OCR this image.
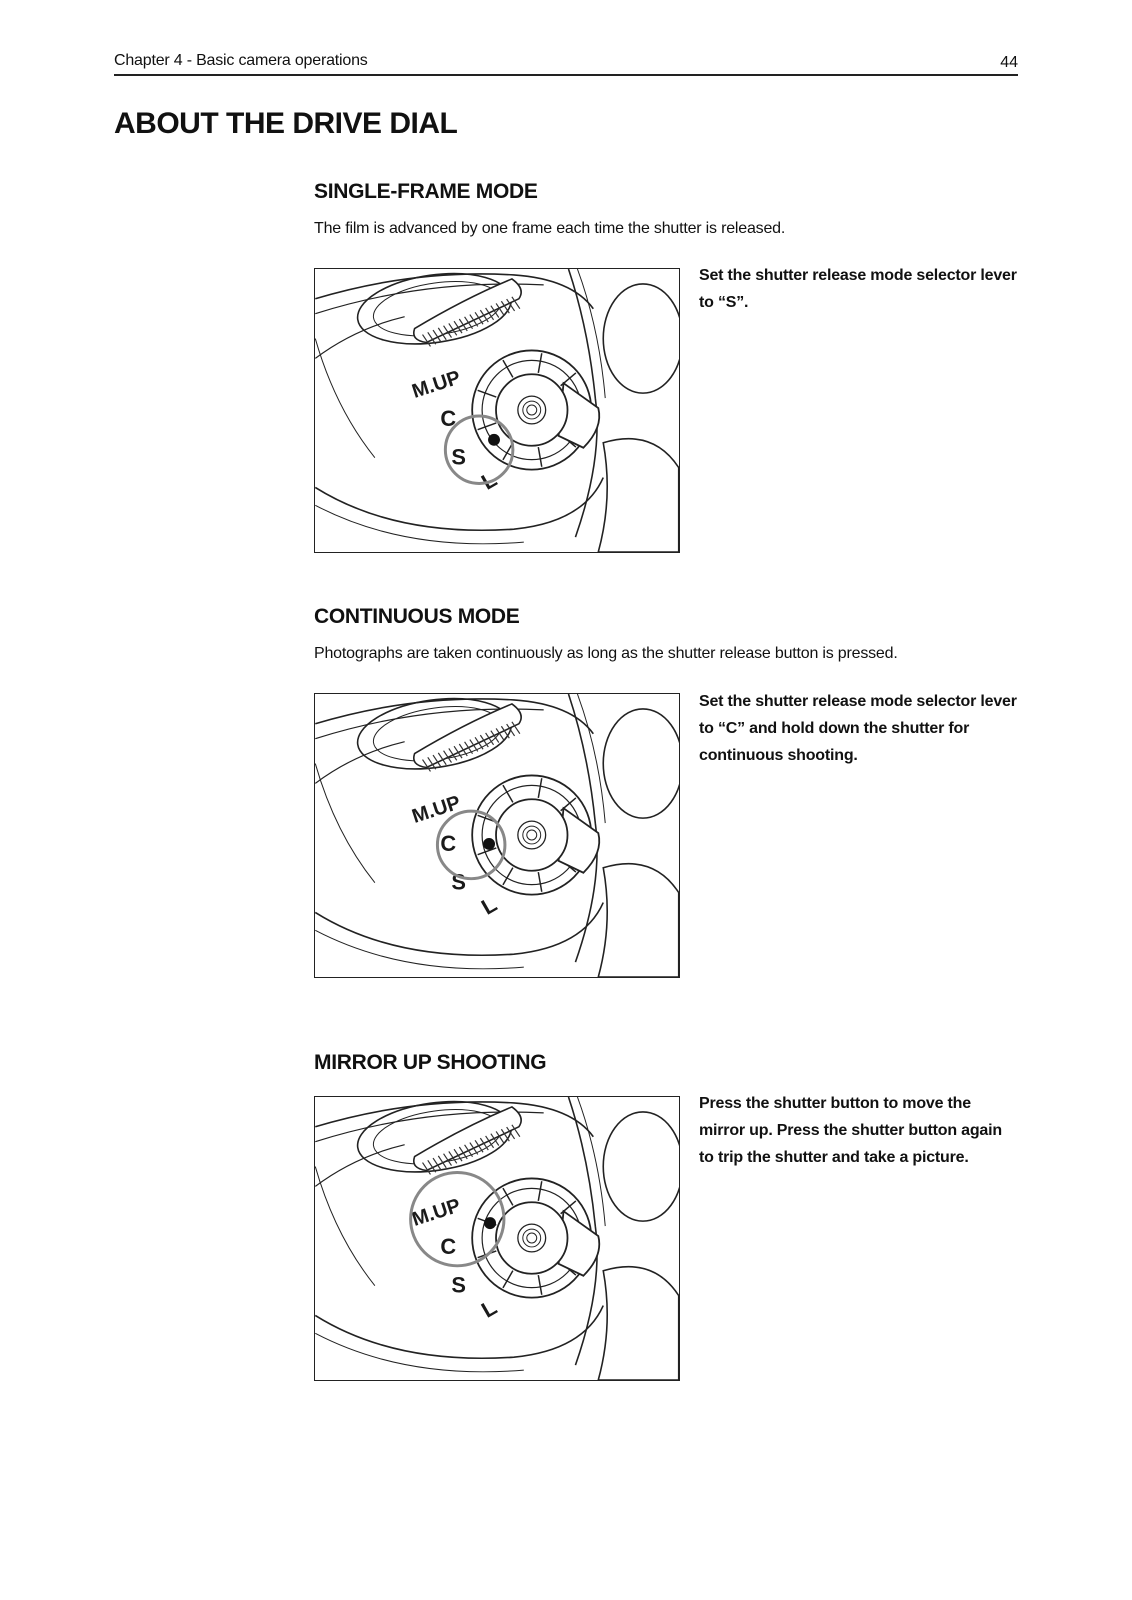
Chapter 4 - Basic camera operations	44
ABOUT THE DRIVE DIAL
SINGLE-FRAME MODE

The film is advanced by one frame each time the shutter is released.

M.UP
C
S
L

Set the shutter release mode selector lever to “S”.

CONTINUOUS MODE

Photographs are taken continuously as long as the shutter release button is pressed.

M.UP
C
S
L

Set the shutter release mode selector lever to “C” and hold down the shutter for continuous shooting.

MIRROR UP SHOOTING
M.UP
C
S
L

Press the shutter button to move the mirror up. Press the shutter button again to trip the shutter and take a picture.
